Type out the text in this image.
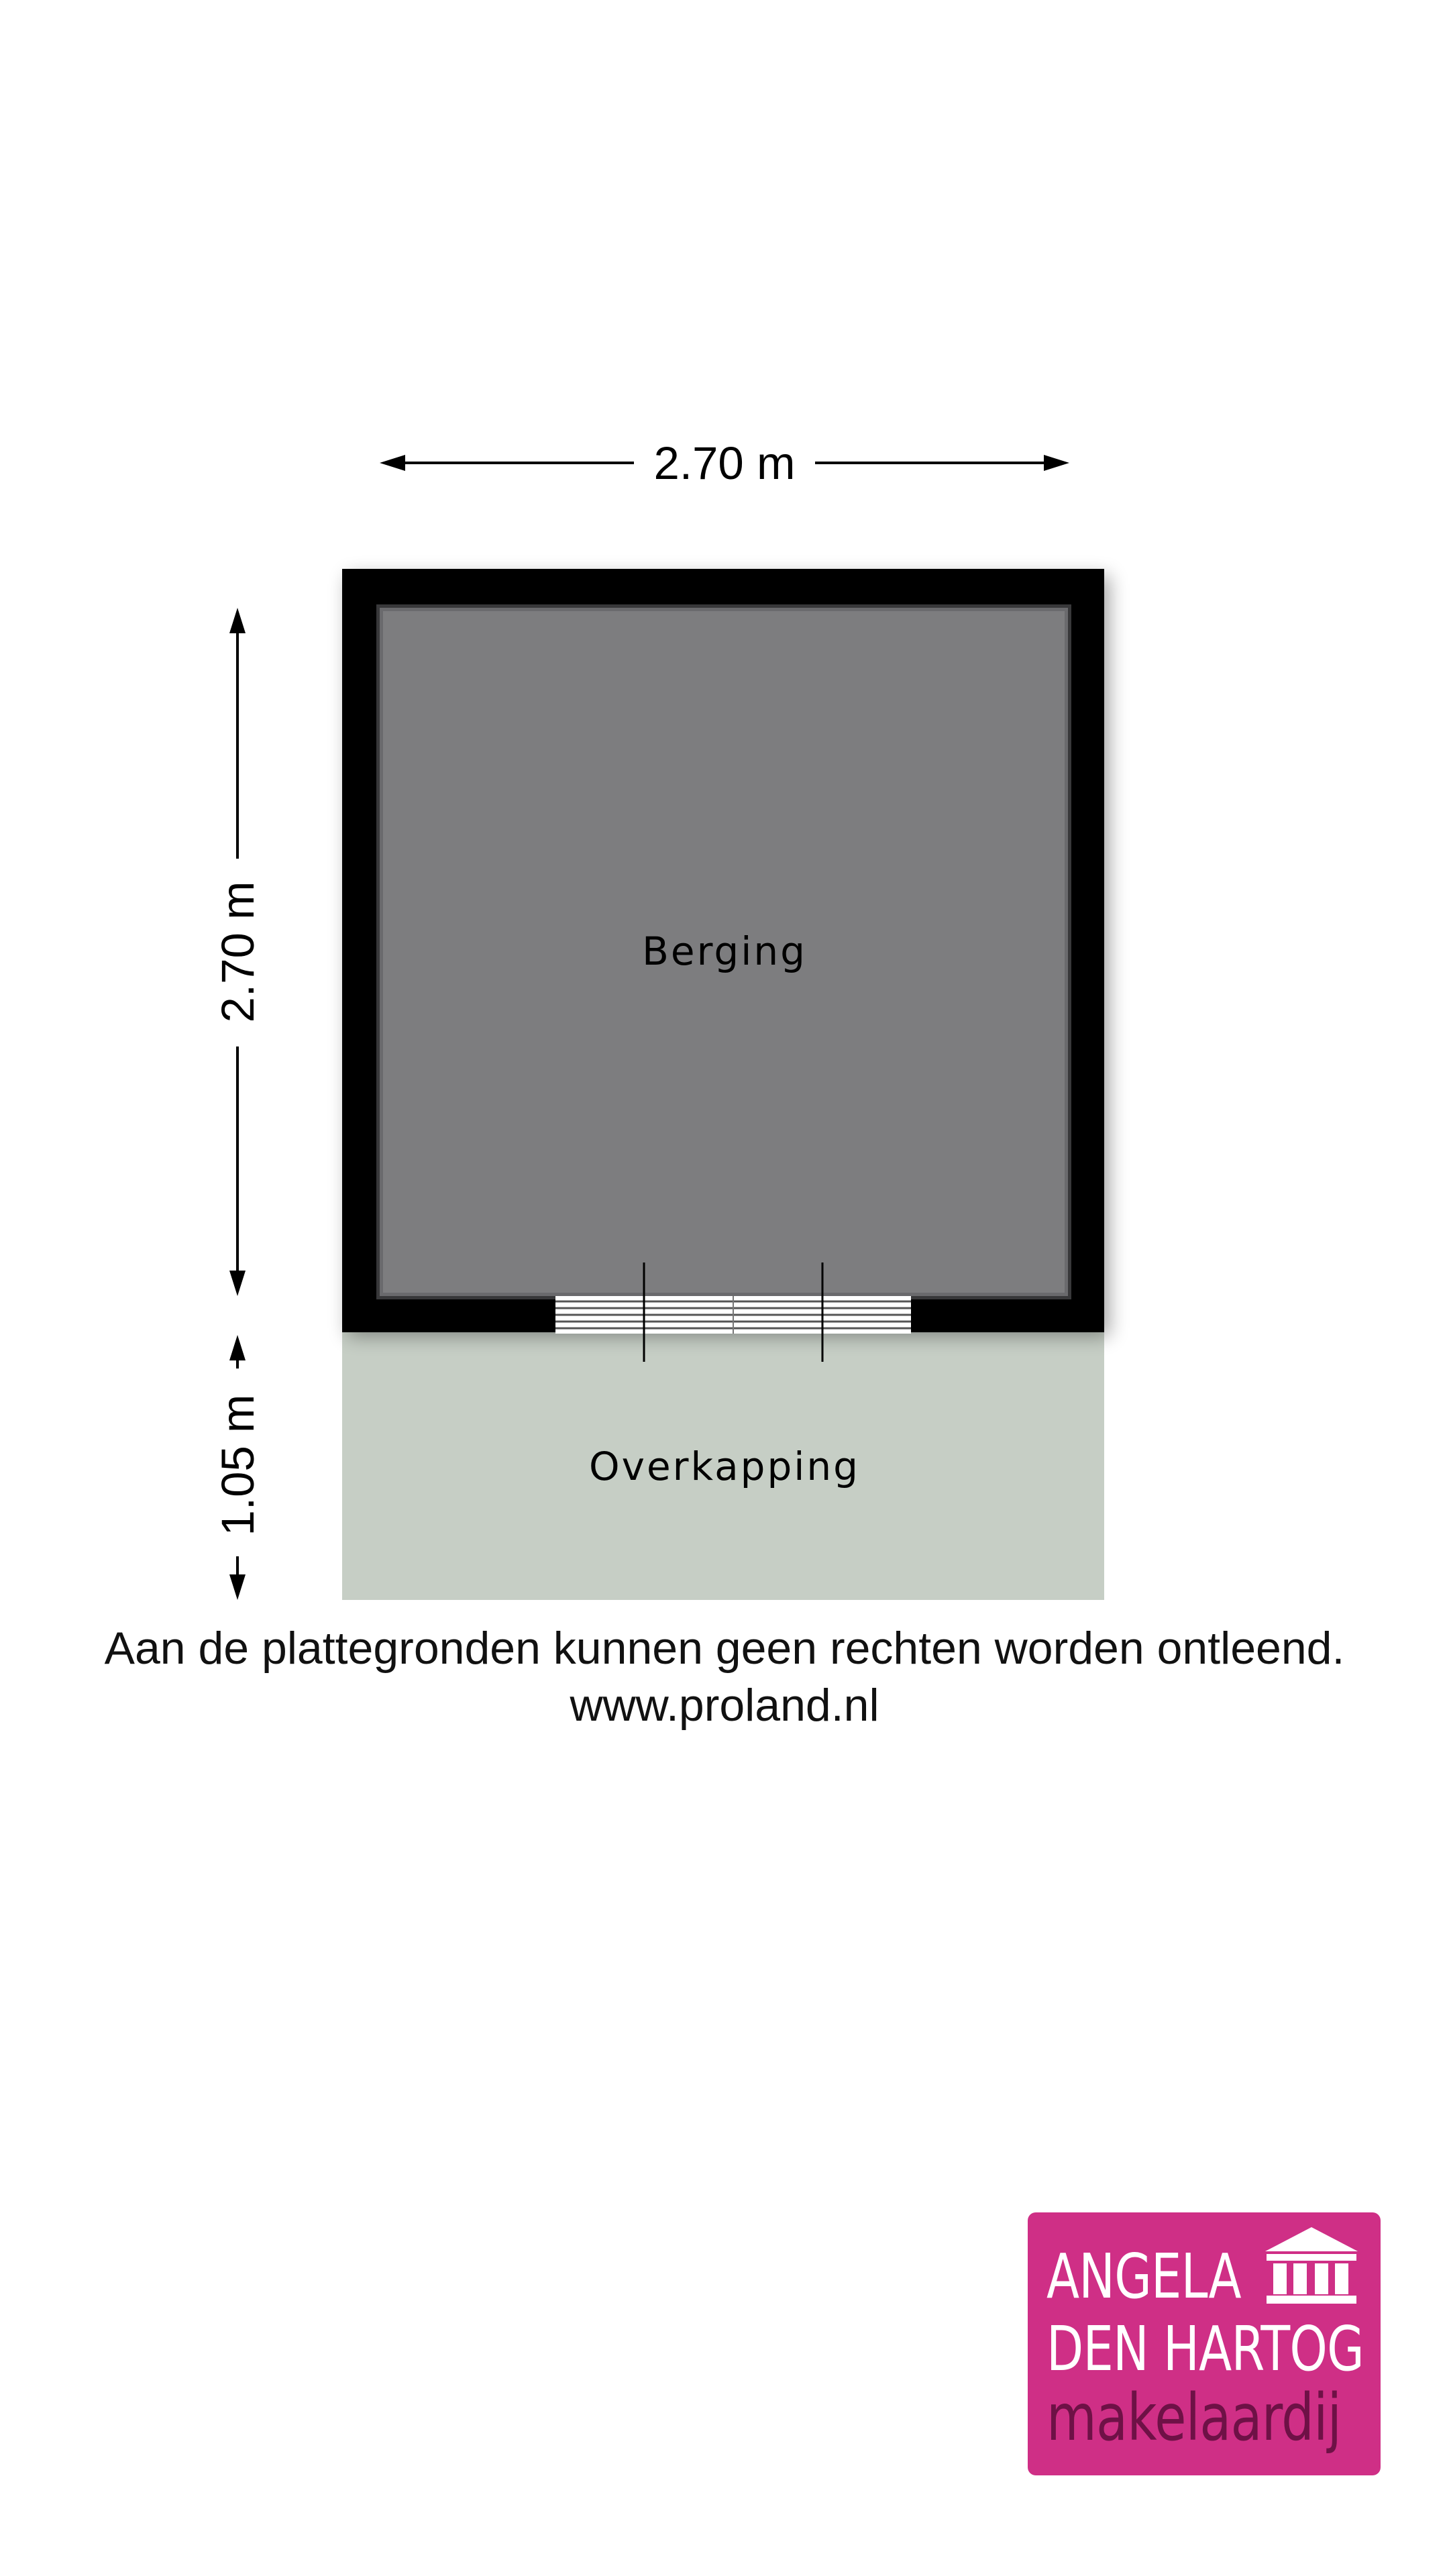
2.70 m
2.70 m
1.05 m
Berging
Overkapping
Aan de plattegronden kunnen geen rechten worden ontleend.
www.proland.nl
ANGELA
DEN HARTOG
makelaardij
